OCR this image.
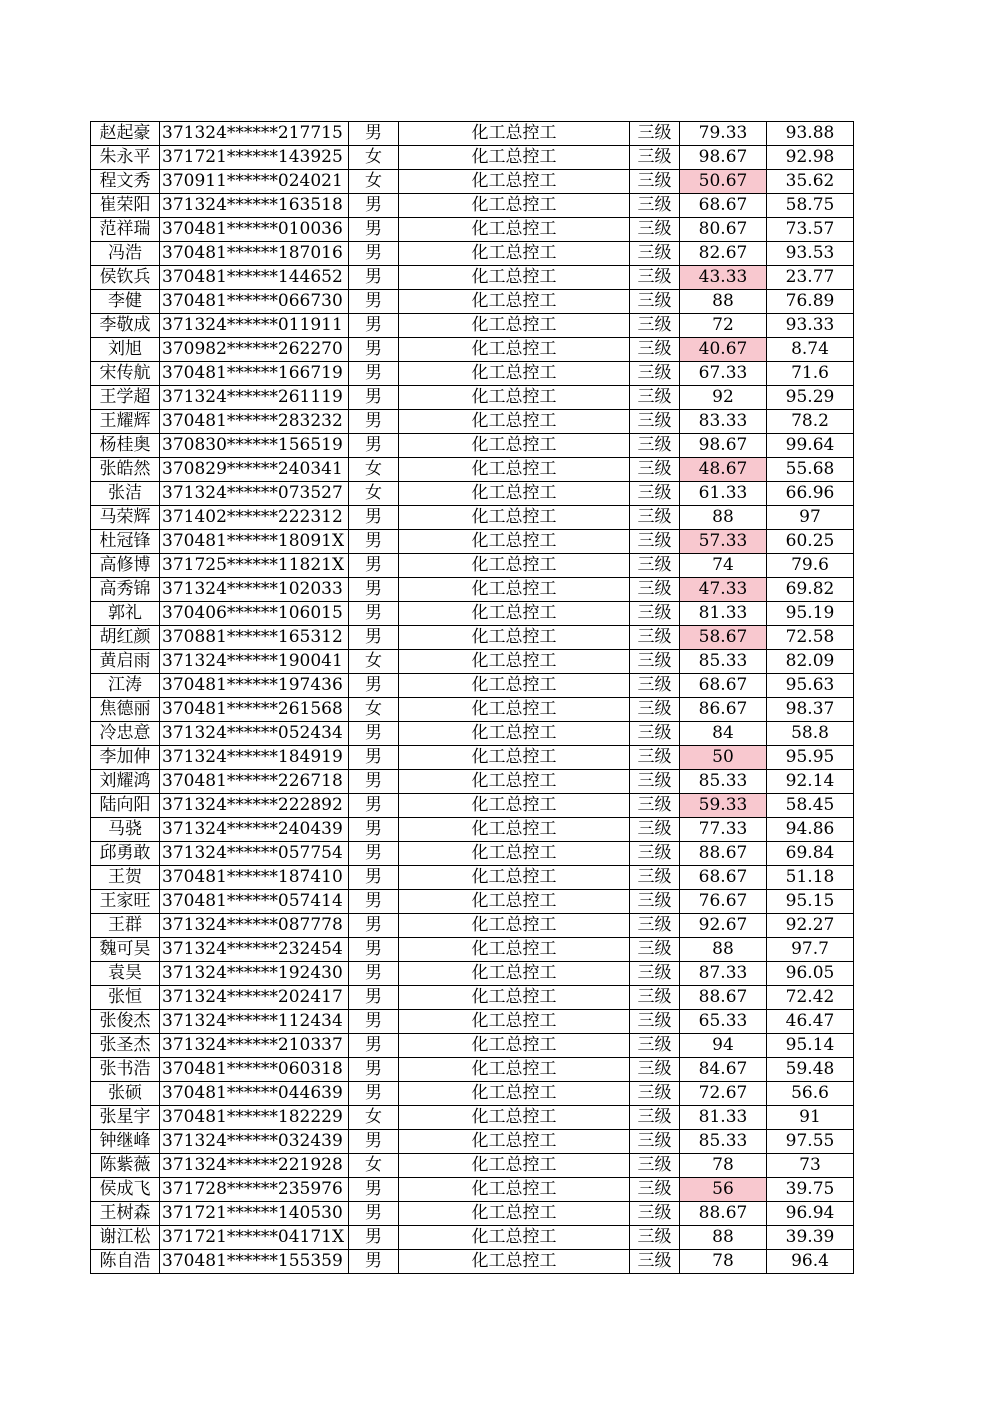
赵起豪	371324******217715	男	化工总控工	三级	79.33	93.88
朱永平	371721******143925	女	化工总控工	三级	98.67	92.98
程文秀	370911******024021	女	化工总控工	三级	50.67	35.62
崔荣阳	371324******163518	男	化工总控工	三级	68.67	58.75
范祥瑞	370481******010036	男	化工总控工	三级	80.67	73.57
冯浩	370481******187016	男	化工总控工	三级	82.67	93.53
侯钦兵	370481******144652	男	化工总控工	三级	43.33	23.77
李健	370481******066730	男	化工总控工	三级	88	76.89
李敬成	371324******011911	男	化工总控工	三级	72	93.33
刘旭	370982******262270	男	化工总控工	三级	40.67	8.74
宋传航	370481******166719	男	化工总控工	三级	67.33	71.6
王学超	371324******261119	男	化工总控工	三级	92	95.29
王耀辉	370481******283232	男	化工总控工	三级	83.33	78.2
杨桂奥	370830******156519	男	化工总控工	三级	98.67	99.64
张皓然	370829******240341	女	化工总控工	三级	48.67	55.68
张洁	371324******073527	女	化工总控工	三级	61.33	66.96
马荣辉	371402******222312	男	化工总控工	三级	88	97
杜冠锋	370481******18091X	男	化工总控工	三级	57.33	60.25
高修博	371725******11821X	男	化工总控工	三级	74	79.6
高秀锦	371324******102033	男	化工总控工	三级	47.33	69.82
郭礼	370406******106015	男	化工总控工	三级	81.33	95.19
胡红颜	370881******165312	男	化工总控工	三级	58.67	72.58
黄启雨	371324******190041	女	化工总控工	三级	85.33	82.09
江涛	370481******197436	男	化工总控工	三级	68.67	95.63
焦德丽	370481******261568	女	化工总控工	三级	86.67	98.37
冷忠意	371324******052434	男	化工总控工	三级	84	58.8
李加伸	371324******184919	男	化工总控工	三级	50	95.95
刘耀鸿	370481******226718	男	化工总控工	三级	85.33	92.14
陆向阳	371324******222892	男	化工总控工	三级	59.33	58.45
马骁	371324******240439	男	化工总控工	三级	77.33	94.86
邱勇敢	371324******057754	男	化工总控工	三级	88.67	69.84
王贺	370481******187410	男	化工总控工	三级	68.67	51.18
王家旺	370481******057414	男	化工总控工	三级	76.67	95.15
王群	371324******087778	男	化工总控工	三级	92.67	92.27
魏可昊	371324******232454	男	化工总控工	三级	88	97.7
袁昊	371324******192430	男	化工总控工	三级	87.33	96.05
张恒	371324******202417	男	化工总控工	三级	88.67	72.42
张俊杰	371324******112434	男	化工总控工	三级	65.33	46.47
张圣杰	371324******210337	男	化工总控工	三级	94	95.14
张书浩	370481******060318	男	化工总控工	三级	84.67	59.48
张硕	370481******044639	男	化工总控工	三级	72.67	56.6
张星宇	370481******182229	女	化工总控工	三级	81.33	91
钟继峰	371324******032439	男	化工总控工	三级	85.33	97.55
陈紫薇	371324******221928	女	化工总控工	三级	78	73
侯成飞	371728******235976	男	化工总控工	三级	56	39.75
王树森	371721******140530	男	化工总控工	三级	88.67	96.94
谢江松	371721******04171X	男	化工总控工	三级	88	39.39
陈自浩	370481******155359	男	化工总控工	三级	78	96.4
